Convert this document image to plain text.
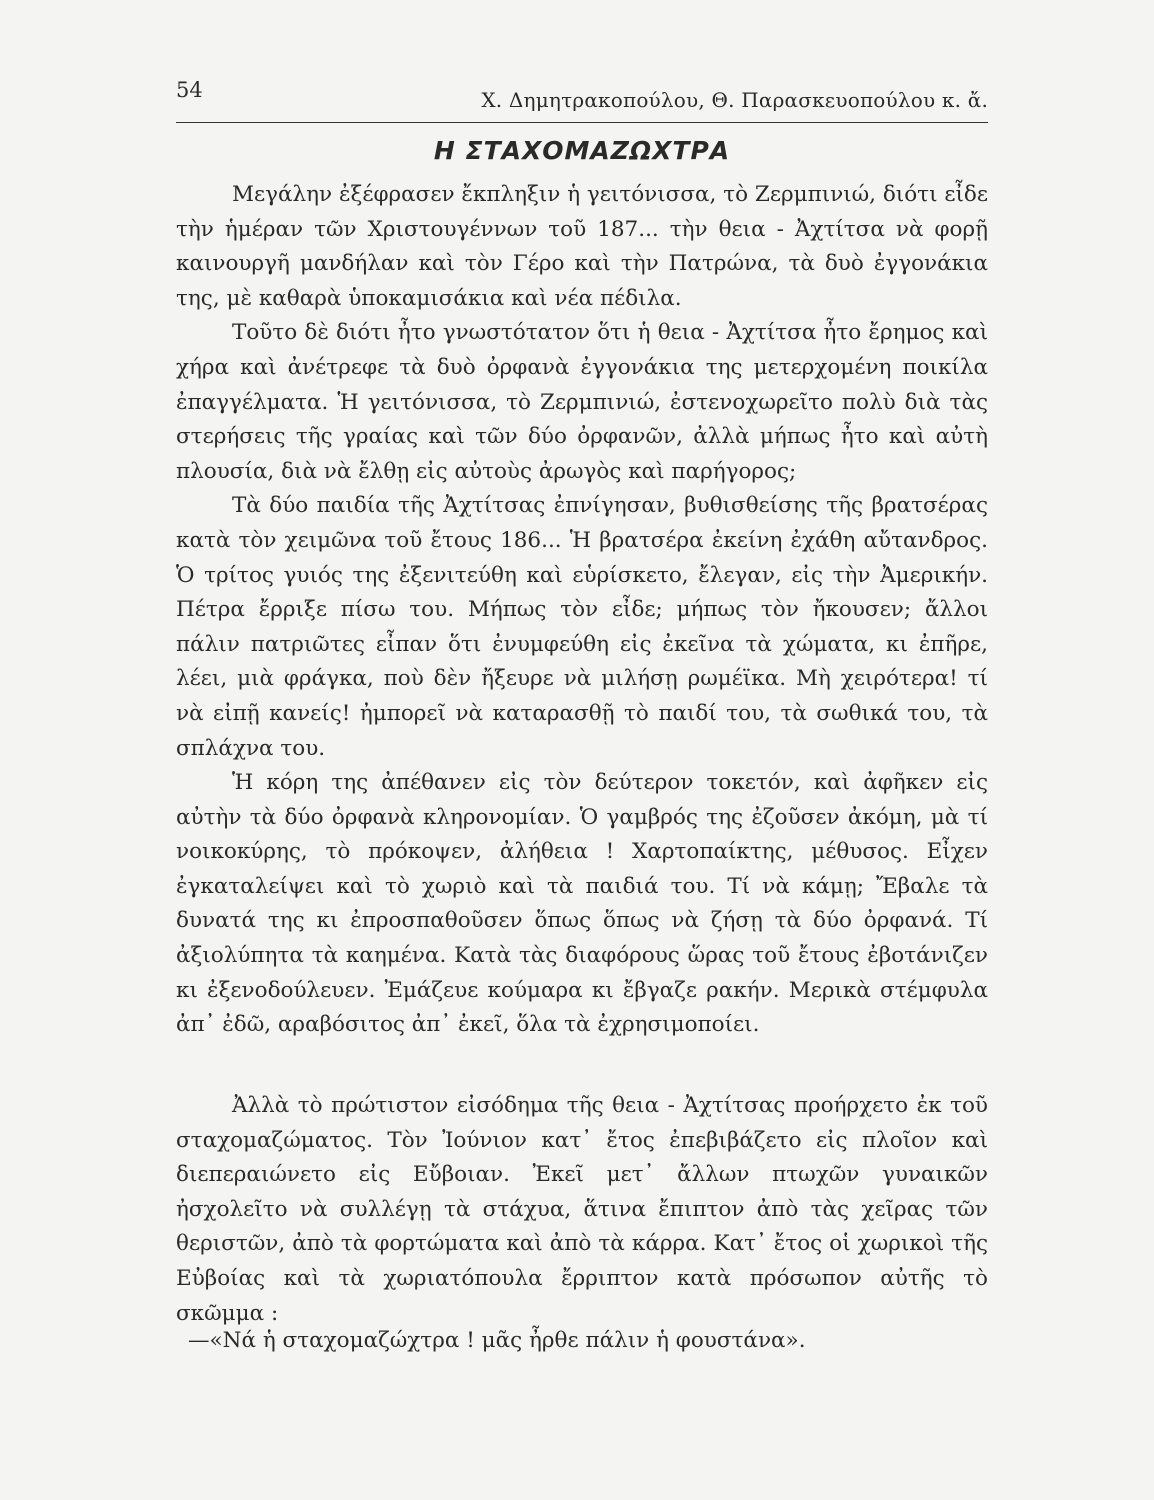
54	Χ. Δημητρακοπούλου, Θ. Παρασκευοπούλου κ. ἄ.
Η ΣΤΑΧΟΜΑΖΩΧΤΡΑ

Μεγάλην ἐξέφρασεν ἔκπληξιν ἡ γειτόνισσα, τὸ Ζερμπινιώ, διότι εἶδε τὴν ἡμέραν τῶν Χριστουγέννων τοῦ 187... τὴν θεια - Ἀχτίτσα νὰ φορῇ καινουργῆ μανδήλαν καὶ τὸν Γέρο καὶ τὴν Πατρώνα, τὰ δυὸ ἐγγονάκια της, μὲ καθαρὰ ὑποκαμισάκια καὶ νέα πέδιλα.

Τοῦτο δὲ διότι ἦτο γνωστότατον ὅτι ἡ θεια - Ἀχτίτσα ἦτο ἔρημος καὶ χήρα καὶ ἀνέτρεφε τὰ δυὸ ὀρφανὰ ἐγγονάκια της μετερχομένη ποικίλα ἐπαγγέλματα. Ἡ γειτόνισσα, τὸ Ζερμπινιώ, ἐστενοχωρεῖτο πολὺ διὰ τὰς στερήσεις τῆς γραίας καὶ τῶν δύο ὀρφανῶν, ἀλλὰ μήπως ἦτο καὶ αὐτὴ πλουσία, διὰ νὰ ἔλθῃ εἰς αὐτοὺς ἀρωγὸς καὶ παρήγορος;

Τὰ δύο παιδία τῆς Ἀχτίτσας ἐπνίγησαν, βυθισθείσης τῆς βρατσέρας κατὰ τὸν χειμῶνα τοῦ ἔτους 186... Ἡ βρατσέρα ἐκείνη ἐχάθη αὔτανδρος. Ὁ τρίτος γυιός της ἐξενιτεύθη καὶ εὑρίσκετο, ἔλεγαν, εἰς τὴν Ἀμερικήν. Πέτρα ἔρριξε πίσω του. Μήπως τὸν εἶδε; μήπως τὸν ἤκουσεν; ἄλλοι πάλιν πατριῶτες εἶπαν ὅτι ἐνυμφεύθη εἰς ἐκεῖνα τὰ χώματα, κι ἐπῆρε, λέει, μιὰ φράγκα, ποὺ δὲν ἤξευρε νὰ μιλήσῃ ρωμέϊκα. Μὴ χειρότερα! τί νὰ εἰπῇ κανείς! ἠμπορεῖ νὰ καταρασθῇ τὸ παιδί του, τὰ σωθικά του, τὰ σπλάχνα του.

Ἡ κόρη της ἀπέθανεν εἰς τὸν δεύτερον τοκετόν, καὶ ἀφῆκεν εἰς αὐτὴν τὰ δύο ὀρφανὰ κληρονομίαν. Ὁ γαμβρός της ἐζοῦσεν ἀκόμη, μὰ τί νοικοκύρης, τὸ πρόκοψεν, ἀλήθεια ! Χαρτοπαίκτης, μέθυσος. Εἶχεν ἐγκαταλείψει καὶ τὸ χωριὸ καὶ τὰ παιδιά του. Τί νὰ κάμῃ; Ἔβαλε τὰ δυνατά της κι ἐπροσπαθοῦσεν ὅπως ὅπως νὰ ζήσῃ τὰ δύο ὀρφανά. Τί ἀξιολύπητα τὰ καημένα. Κατὰ τὰς διαφόρους ὥρας τοῦ ἔτους ἐβοτάνιζεν κι ἐξενοδούλευεν. Ἐμάζευε κούμαρα κι ἔβγαζε ρακήν. Μερικὰ στέμφυλα ἀπ᾽ ἐδῶ, αραβόσιτος ἀπ᾽ ἐκεῖ, ὅλα τὰ ἐχρησιμοποίει.

Ἀλλὰ τὸ πρώτιστον εἰσόδημα τῆς θεια - Ἀχτίτσας προήρχετο ἐκ τοῦ σταχομαζώματος. Τὸν Ἰούνιον κατ᾽ ἔτος ἐπεβιβάζετο εἰς πλοῖον καὶ διεπεραιώνετο εἰς Εὔβοιαν. Ἐκεῖ μετ᾽ ἄλλων πτωχῶν γυναικῶν ἠσχολεῖτο νὰ συλλέγῃ τὰ στάχυα, ἅτινα ἔπιπτον ἀπὸ τὰς χεῖρας τῶν θεριστῶν, ἀπὸ τὰ φορτώματα καὶ ἀπὸ τὰ κάρρα. Κατ᾽ ἔτος οἱ χωρικοὶ τῆς Εὐβοίας καὶ τὰ χωριατόπουλα ἔρριπτον κατὰ πρόσωπον αὐτῆς τὸ σκῶμμα :

—«Νά ἡ σταχομαζώχτρα ! μᾶς ἦρθε πάλιν ἡ φουστάνα».
